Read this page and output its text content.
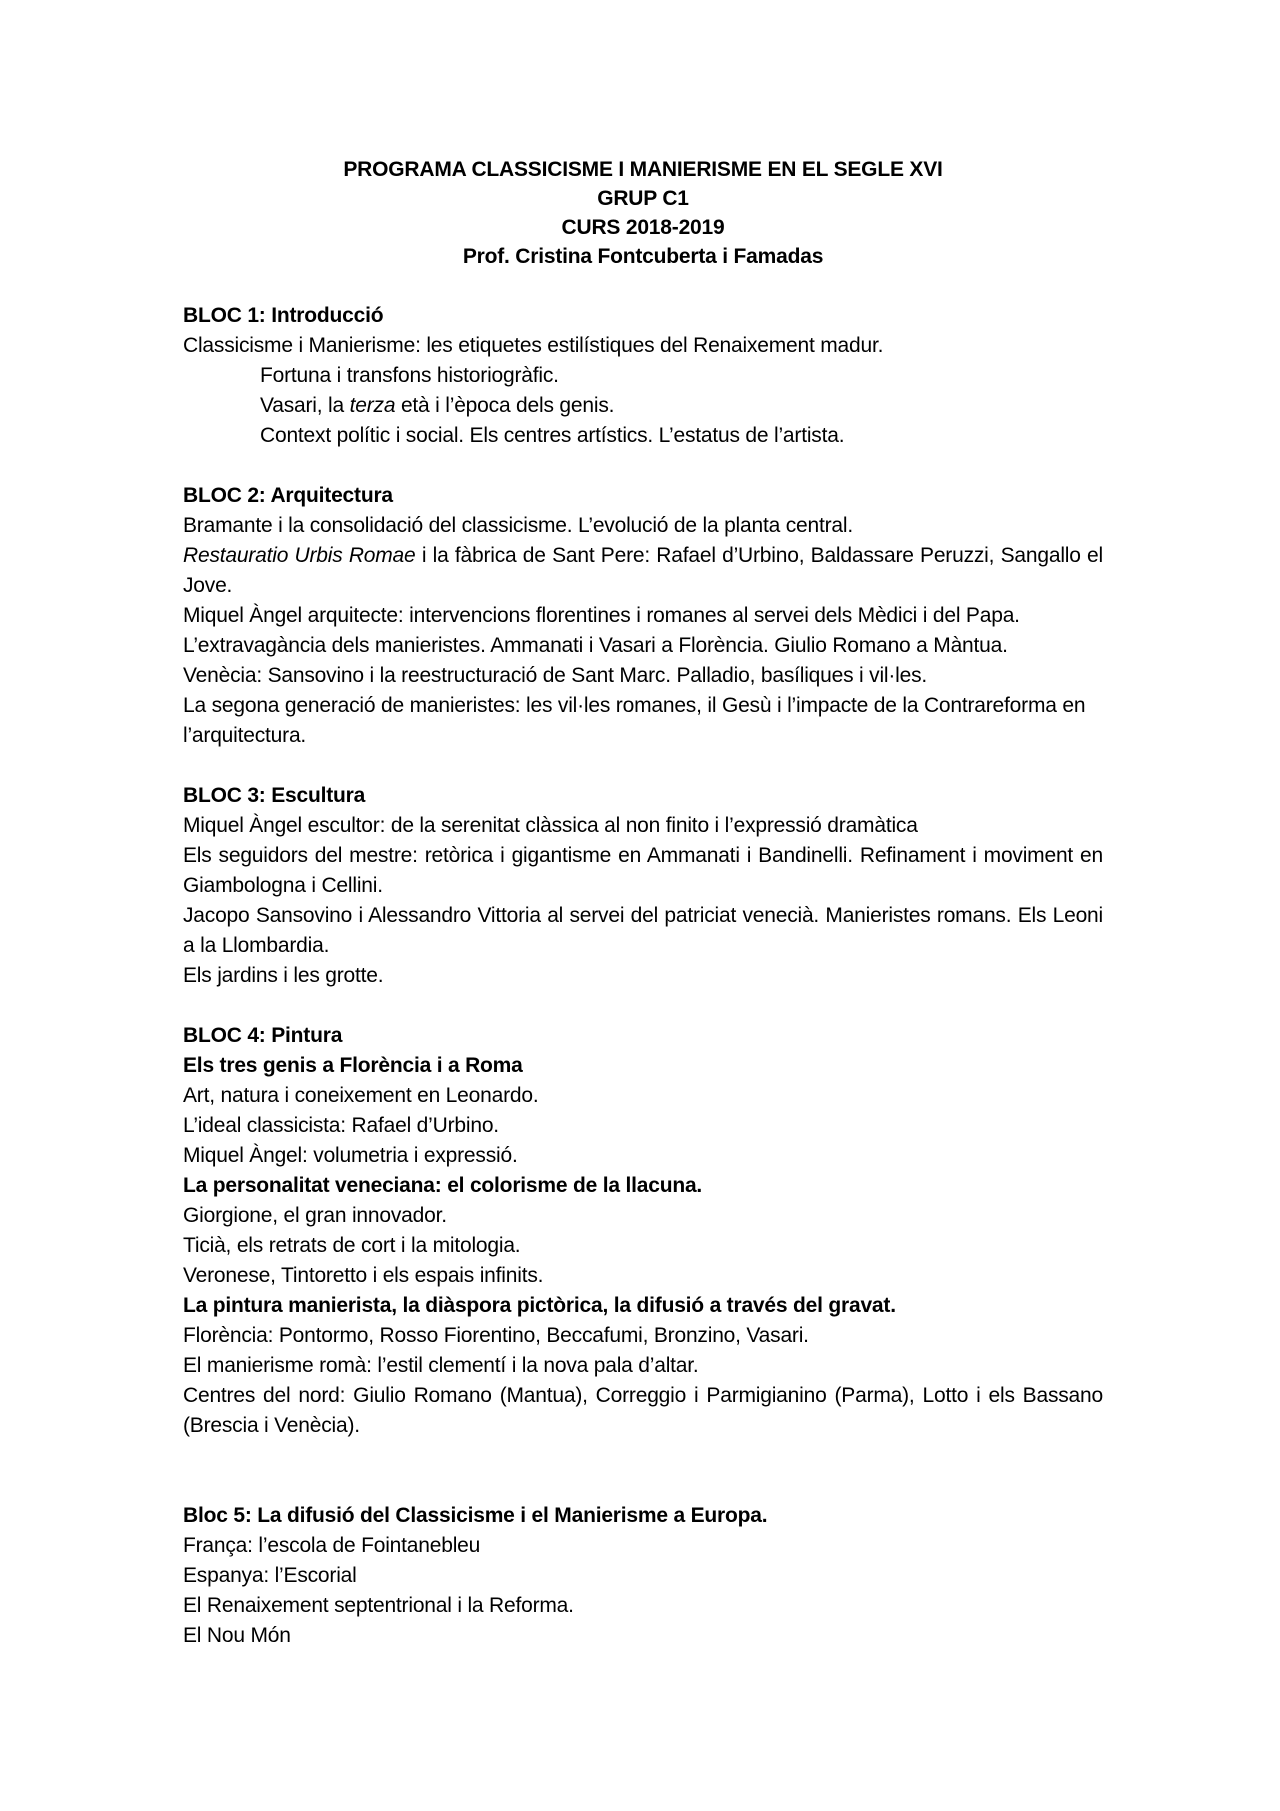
PROGRAMA CLASSICISME I MANIERISME EN EL SEGLE XVI
GRUP C1
CURS 2018-2019
Prof. Cristina Fontcuberta i Famadas
BLOC 1: Introducció
Classicisme i Manierisme: les etiquetes estilístiques del Renaixement madur.
Fortuna i transfons historiogràfic.
Vasari, la terza età i l’època dels genis.
Context polític i social. Els centres artístics. L’estatus de l’artista.
BLOC 2: Arquitectura
Bramante i la consolidació del classicisme. L’evolució de la planta central.
Restauratio Urbis Romae i la fàbrica de Sant Pere: Rafael d’Urbino, Baldassare Peruzzi, Sangallo el Jove.
Miquel Àngel arquitecte: intervencions florentines i romanes al servei dels Mèdici i del Papa.
L’extravagància dels manieristes. Ammanati i Vasari a Florència. Giulio Romano a Màntua.
Venècia: Sansovino i la reestructuració de Sant Marc. Palladio, basíliques i vil·les.
La segona generació de manieristes: les vil·les romanes, il Gesù i l’impacte de la Contrareforma en l’arquitectura.
BLOC 3: Escultura
Miquel Àngel escultor: de la serenitat clàssica al non finito i l’expressió dramàtica
Els seguidors del mestre: retòrica i gigantisme en Ammanati i Bandinelli. Refinament i moviment en Giambologna i Cellini.
Jacopo Sansovino i Alessandro Vittoria al servei del patriciat venecià. Manieristes romans. Els Leoni a la Llombardia.
Els jardins i les grotte.
BLOC 4: Pintura
Els tres genis a Florència i a Roma
Art, natura i coneixement en Leonardo.
L’ideal classicista: Rafael d’Urbino.
Miquel Àngel: volumetria i expressió.
La personalitat veneciana: el colorisme de la llacuna.
Giorgione, el gran innovador.
Ticià, els retrats de cort i la mitologia.
Veronese, Tintoretto i els espais infinits.
La pintura manierista, la diàspora pictòrica, la difusió a través del gravat.
Florència: Pontormo, Rosso Fiorentino, Beccafumi, Bronzino, Vasari.
El manierisme romà: l’estil clementí i la nova pala d’altar.
Centres del nord: Giulio Romano (Mantua), Correggio i Parmigianino (Parma), Lotto i els Bassano (Brescia i Venècia).
Bloc 5: La difusió del Classicisme i el Manierisme a Europa.
França: l’escola de Fointanebleu
Espanya: l’Escorial
El Renaixement septentrional i la Reforma.
El Nou Món
